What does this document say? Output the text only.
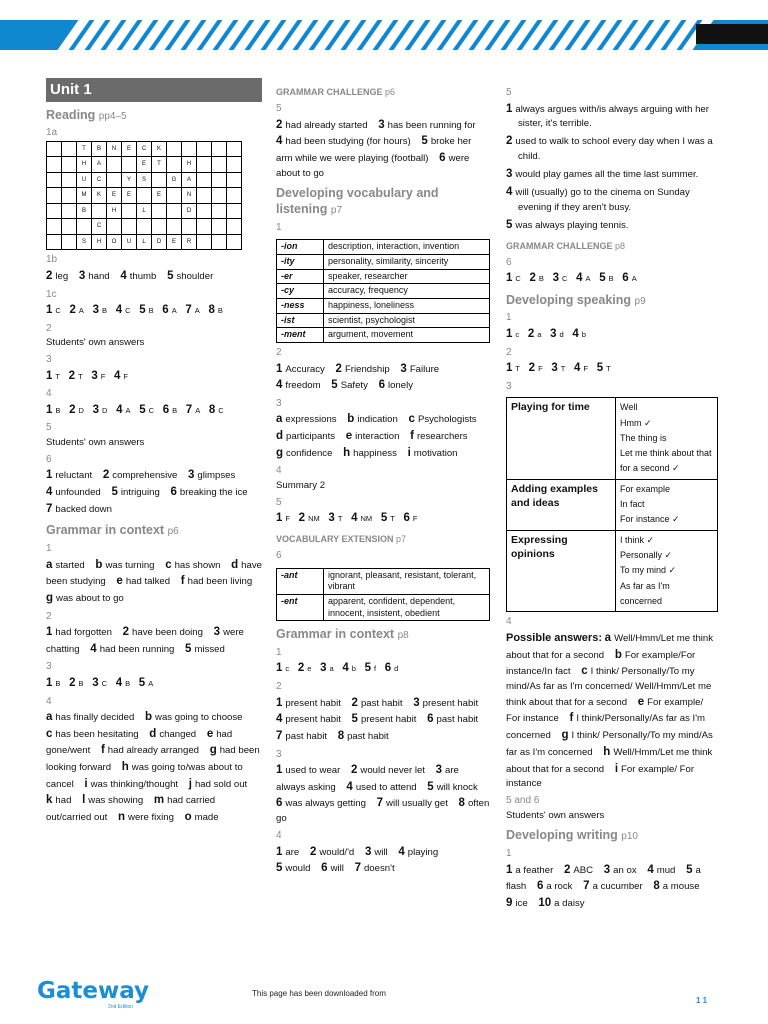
Unit 1
Reading pp4–5
1a
		T	B	N	E	C	K					
		H	A			E	T		H			
		U	C		Y	S		G	A			
		M	K	E	E		E		N			
		B		H		L			D			
			C									
		S	H	O	U	L	D	E	R			
1b
2 leg 3 hand 4 thumb 5 shoulder
1c
1 C 2 A 3 B 4 C 5 B 6 A 7 A 8 B
2
Students' own answers
3
1 T 2 T 3 F 4 F
4
1 B 2 D 3 D 4 A 5 C 6 B 7 A 8 C
5
Students' own answers
6
1 reluctant 2 comprehensive 3 glimpses 4 unfounded 5 intriguing 6 breaking the ice 7 backed down
Grammar in context p6
1
a started b was turning c has shown d have been studying e had talked f had been living g was about to go
2
1 had forgotten 2 have been doing 3 were chatting 4 had been running 5 missed
3
1 B 2 B 3 C 4 B 5 A
4
a has finally decided b was going to choose c has been hesitating d changed e had gone/went f had already arranged g had been looking forward h was going to/was about to cancel i was thinking/thought j had sold out k had l was showing m had carried out/carried out n were fixing o made
GRAMMAR CHALLENGE p6
5
2 had already started 3 has been running for 4 had been studying (for hours) 5 broke her arm while we were playing (football) 6 were about to go
Developing vocabulary and listening p7
1
-ion	description, interaction, invention
-ity	personality, similarity, sincerity
-er	speaker, researcher
-cy	accuracy, frequency
-ness	happiness, loneliness
-ist	scientist, psychologist
-ment	argument, movement
2
1 Accuracy 2 Friendship 3 Failure 4 freedom 5 Safety 6 lonely
3
a expressions b indication c Psychologists d participants e interaction f researchers g confidence h happiness i motivation
4
Summary 2
5
1 F 2 NM 3 T 4 NM 5 T 6 F
VOCABULARY EXTENSION p7
6
-ant	ignorant, pleasant, resistant, tolerant, vibrant
-ent	apparent, confident, dependent, innocent, insistent, obedient
Grammar in context p8
1
1 c 2 e 3 a 4 b 5 f 6 d
2
1 present habit 2 past habit 3 present habit 4 present habit 5 present habit 6 past habit 7 past habit 8 past habit
3
1 used to wear 2 would never let 3 are always asking 4 used to attend 5 will knock 6 was always getting 7 will usually get 8 often go
4
1 are 2 would/'d 3 will 4 playing 5 would 6 will 7 doesn't
5
1 always argues with/is always arguing with her sister, it's terrible.
2 used to walk to school every day when I was a child.
3 would play games all the time last summer.
4 will (usually) go to the cinema on Sunday evening if they aren't busy.
5 was always playing tennis.
GRAMMAR CHALLENGE p8
6
1 C 2 B 3 C 4 A 5 B 6 A
Developing speaking p9
1
1 c 2 a 3 d 4 b
2
1 T 2 F 3 T 4 F 5 T
3
Playing for time	Well
Hmm ✓
The thing is
Let me think about that for a second ✓

Adding examples and ideas	For example
In fact
For instance ✓

Expressing opinions	I think ✓
Personally ✓
To my mind ✓
As far as I'm concerned
4
Possible answers: a Well/Hmm/Let me think about that for a second b For example/For instance/In fact c I think/ Personally/To my mind/As far as I'm concerned/ Well/Hmm/Let me think about that for a second e For example/ For instance f I think/Personally/As far as I'm concerned g I think/ Personally/To my mind/As far as I'm concerned h Well/Hmm/Let me think about that for a second i For example/ For instance
5 and 6
Students' own answers
Developing writing p10
1
1 a feather 2 ABC 3 an ox 4 mud 5 a flash 6 a rock 7 a cucumber 8 a mouse 9 ice 10 a daisy
Gateway
2nd Edition
This page has been downloaded from
1 1
